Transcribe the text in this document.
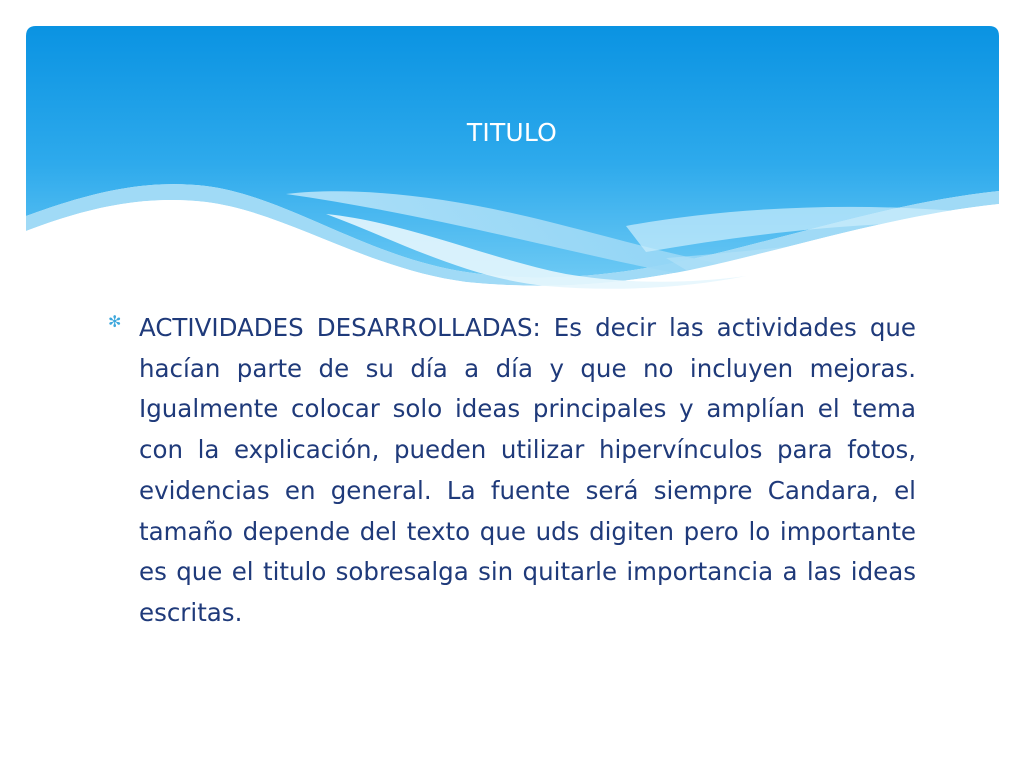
TITULO
✻ ACTIVIDADES DESARROLLADAS: Es decir las actividades que hacían parte de su día a día y que no incluyen mejoras. Igualmente colocar solo ideas principales y amplían el tema con la explicación, pueden utilizar hipervínculos para fotos, evidencias en general. La fuente será siempre Candara, el tamaño depende del texto que uds digiten pero lo importante es que el titulo sobresalga sin quitarle importancia a las ideas escritas.
